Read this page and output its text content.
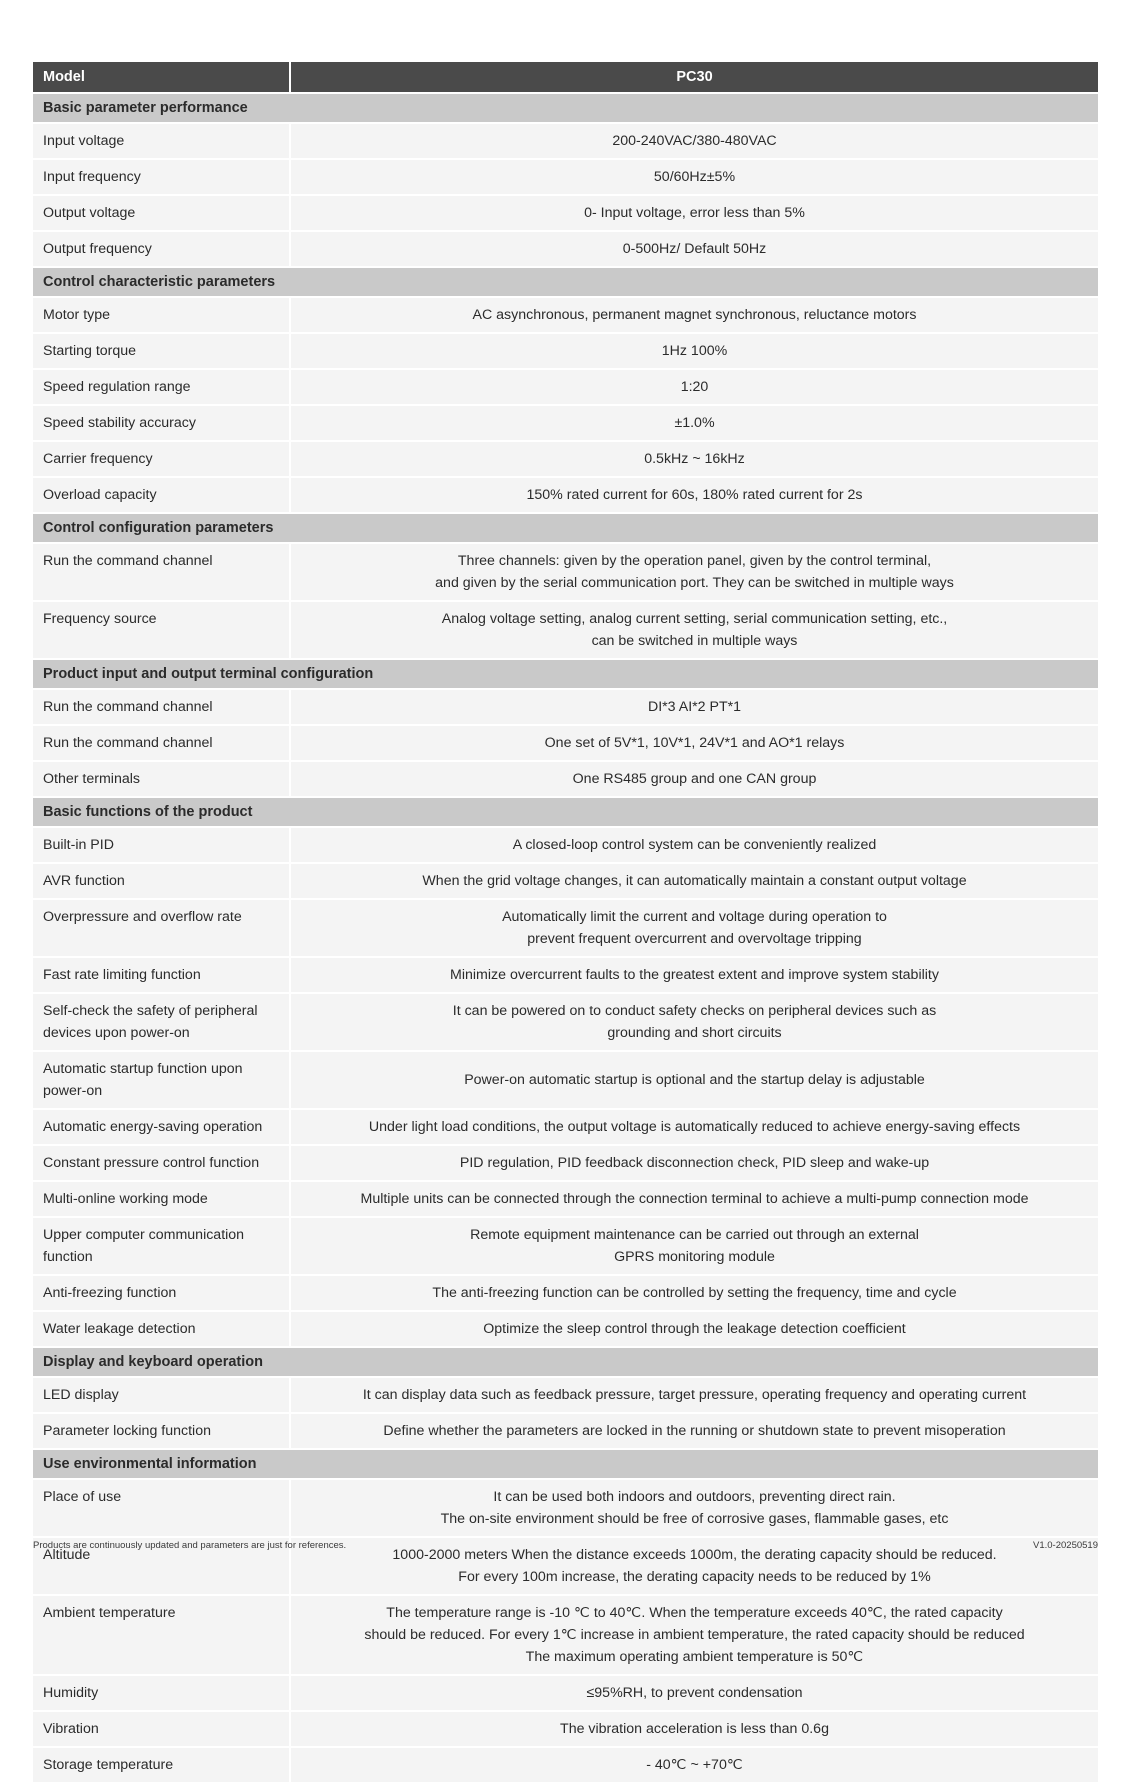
Model	PC30
Basic parameter performance	
Input voltage	200-240VAC/380-480VAC

Input frequency	50/60Hz±5%

Output voltage	0- Input voltage, error less than 5%

Output frequency	0-500Hz/ Default 50Hz

Control characteristic parameters	
Motor type	AC asynchronous, permanent magnet synchronous, reluctance motors

Starting torque	1Hz 100%

Speed regulation range	1:20

Speed stability accuracy	±1.0%

Carrier frequency	0.5kHz ~ 16kHz

Overload capacity	150% rated current for 60s, 180% rated current for 2s

Control configuration parameters	
Run the command channel	Three channels: given by the operation panel, given by the control terminal,
and given by the serial communication port. They can be switched in multiple ways

Frequency source	Analog voltage setting, analog current setting, serial communication setting, etc.,
can be switched in multiple ways

Product input and output terminal configuration	
Run the command channel	DI*3 AI*2 PT*1

Run the command channel	One set of 5V*1, 10V*1, 24V*1 and AO*1 relays

Other terminals	One RS485 group and one CAN group

Basic functions of the product	
Built-in PID	A closed-loop control system can be conveniently realized

AVR function	When the grid voltage changes, it can automatically maintain a constant output voltage

Overpressure and overflow rate	Automatically limit the current and voltage during operation to
prevent frequent overcurrent and overvoltage tripping

Fast rate limiting function	Minimize overcurrent faults to the greatest extent and improve system stability

Self-check the safety of peripheral devices upon power-on	It can be powered on to conduct safety checks on peripheral devices such as
grounding and short circuits

Automatic startup function upon power-on	Power-on automatic startup is optional and the startup delay is adjustable

Automatic energy-saving operation	Under light load conditions, the output voltage is automatically reduced to achieve energy-saving effects

Constant pressure control function	PID regulation, PID feedback disconnection check, PID sleep and wake-up

Multi-online working mode	Multiple units can be connected through the connection terminal to achieve a multi-pump connection mode

Upper computer communication function	Remote equipment maintenance can be carried out through an external
GPRS monitoring module

Anti-freezing function	The anti-freezing function can be controlled by setting the frequency, time and cycle

Water leakage detection	Optimize the sleep control through the leakage detection coefficient

Display and keyboard operation	
LED display	It can display data such as feedback pressure, target pressure, operating frequency and operating current

Parameter locking function	Define whether the parameters are locked in the running or shutdown state to prevent misoperation

Use environmental information	
Place of use	It can be used both indoors and outdoors, preventing direct rain.
The on-site environment should be free of corrosive gases, flammable gases, etc

Altitude	1000-2000 meters When the distance exceeds 1000m, the derating capacity should be reduced.
For every 100m increase, the derating capacity needs to be reduced by 1%

Ambient temperature	The temperature range is -10 ℃ to 40℃. When the temperature exceeds 40℃, the rated capacity
should be reduced. For every 1℃ increase in ambient temperature, the rated capacity should be reduced
The maximum operating ambient temperature is 50℃

Humidity	≤95%RH, to prevent condensation

Vibration	The vibration acceleration is less than 0.6g

Storage temperature	- 40℃ ~ +70℃
Products are continuously updated and parameters are just for references.	V1.0-20250519
